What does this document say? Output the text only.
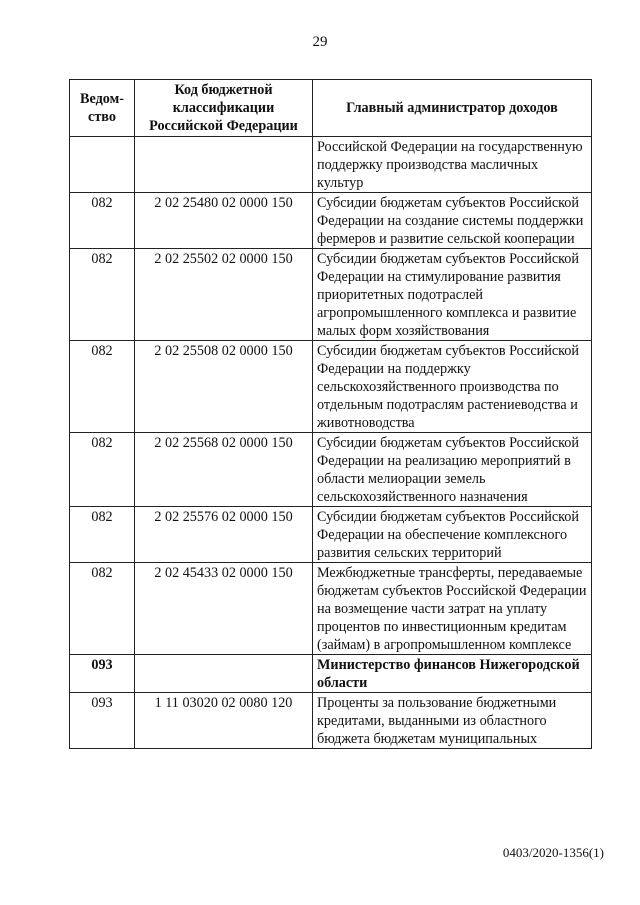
29
Ведом-ство	Код бюджетной классификации Российской Федерации	Главный администратор доходов
		Российской Федерации на государственную поддержку производства масличных культур
082	2 02 25480 02 0000 150	Субсидии бюджетам субъектов Российской Федерации на создание системы поддержки фермеров и развитие сельской кооперации
082	2 02 25502 02 0000 150	Субсидии бюджетам субъектов Российской Федерации на стимулирование развития приоритетных подотраслей агропромышленного комплекса и развитие малых форм хозяйствования
082	2 02 25508 02 0000 150	Субсидии бюджетам субъектов Российской Федерации на поддержку сельскохозяйственного производства по отдельным подотраслям растениеводства и животноводства
082	2 02 25568 02 0000 150	Субсидии бюджетам субъектов Российской Федерации на реализацию мероприятий в области мелиорации земель сельскохозяйственного назначения
082	2 02 25576 02 0000 150	Субсидии бюджетам субъектов Российской Федерации на обеспечение комплексного развития сельских территорий
082	2 02 45433 02 0000 150	Межбюджетные трансферты, передаваемые бюджетам субъектов Российской Федерации на возмещение части затрат на уплату процентов по инвестиционным кредитам (займам) в агропромышленном комплексе
093		Министерство финансов Нижегородской области
093	1 11 03020 02 0080 120	Проценты за пользование бюджетными кредитами, выданными из областного бюджета бюджетам муниципальных
0403/2020-1356(1)
